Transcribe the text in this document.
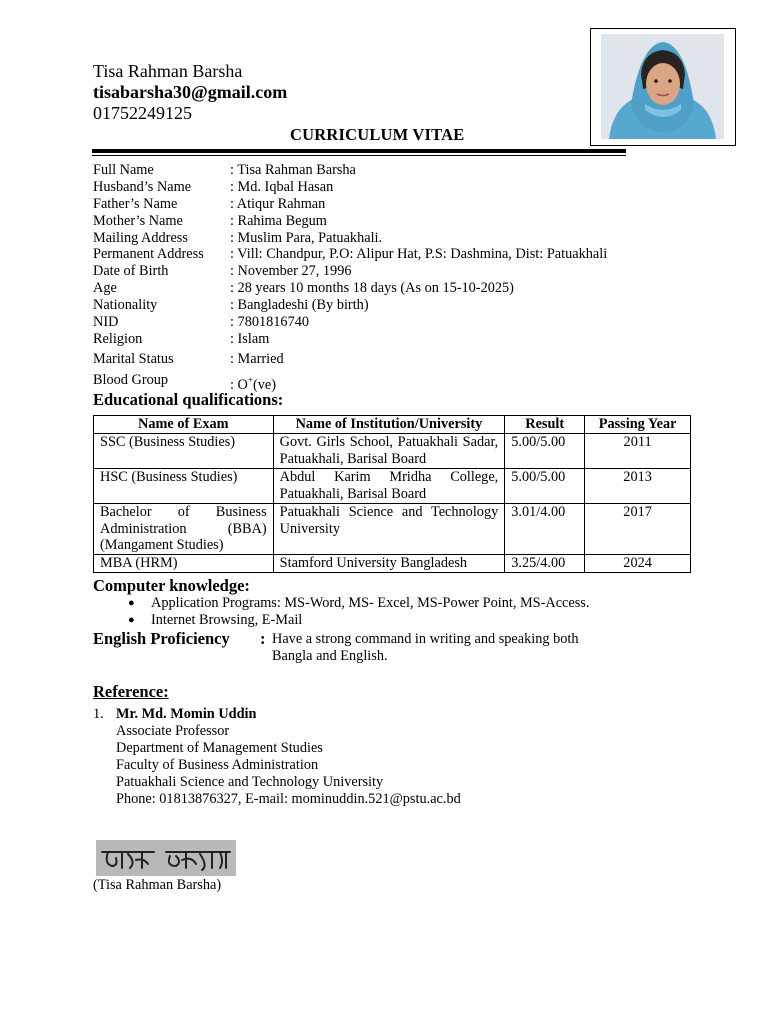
Tisa Rahman Barsha
tisabarsha30@gmail.com
01752249125
CURRICULUM VITAE
Full Name	: Tisa Rahman Barsha
Husband’s Name	: Md. Iqbal Hasan
Father’s Name	: Atiqur Rahman
Mother’s Name	: Rahima Begum
Mailing Address	: Muslim Para, Patuakhali.
Permanent Address	: Vill: Chandpur, P.O: Alipur Hat, P.S: Dashmina, Dist: Patuakhali
Date of Birth	: November 27, 1996
Age	: 28 years 10 months 18 days (As on 15-10-2025)
Nationality	: Bangladeshi (By birth)
NID	: 7801816740
Religion	: Islam
Marital Status	: Married
Blood Group	: O+(ve)
Educational qualifications:
Name of Exam	Name of Institution/University	Result	Passing Year
SSC (Business Studies)	Govt. Girls School, Patuakhali Sadar, Patuakhali, Barisal Board	5.00/5.00	2011
HSC (Business Studies)	Abdul Karim Mridha College, Patuakhali, Barisal Board	5.00/5.00	2013
Bachelor of Business Administration (BBA) (Mangament Studies)	Patuakhali Science and Technology University	3.01/4.00	2017
MBA (HRM)	Stamford University Bangladesh	3.25/4.00	2024
Computer knowledge:
●	Application Programs: MS-Word, MS- Excel, MS-Power Point, MS-Access.
●	Internet Browsing, E-Mail
English Proficiency : Have a strong command in writing and speaking both
Bangla and English.
Reference:
1. Mr. Md. Momin Uddin
Associate Professor
Department of Management Studies
Faculty of Business Administration
Patuakhali Science and Technology University
Phone: 01813876327, E-mail: mominuddin.521@pstu.ac.bd
(Tisa Rahman Barsha)
